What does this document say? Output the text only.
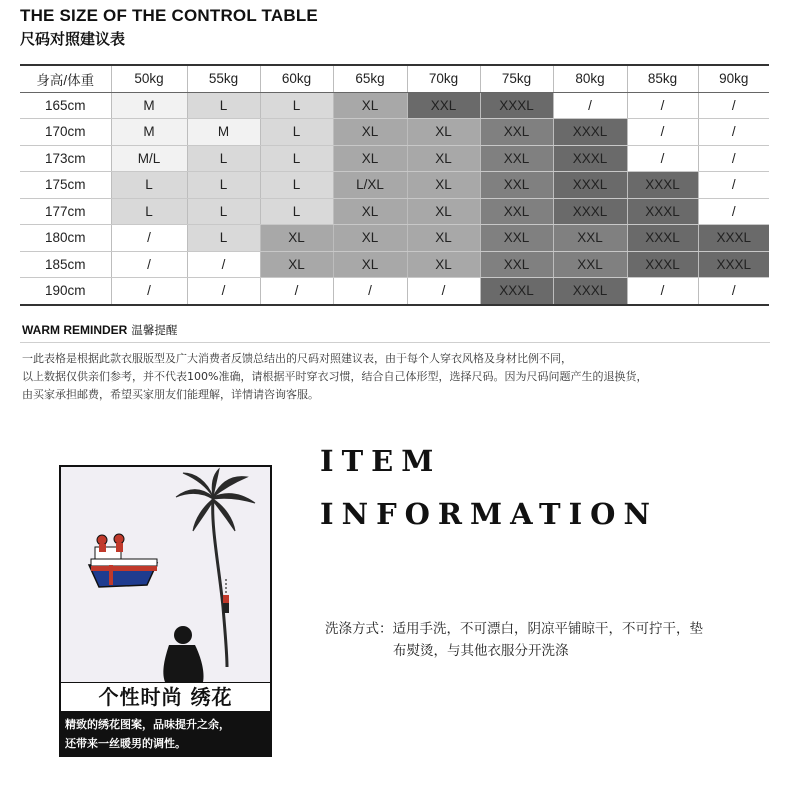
THE SIZE OF THE CONTROL TABLE
尺码对照建议表
身高/体重	50kg	55kg	60kg	65kg	70kg	75kg	80kg	85kg	90kg
165cm	M	L	L	XL	XXL	XXXL	/	/	/
170cm	M	M	L	XL	XL	XXL	XXXL	/	/
173cm	M/L	L	L	XL	XL	XXL	XXXL	/	/
175cm	L	L	L	L/XL	XL	XXL	XXXL	XXXL	/
177cm	L	L	L	XL	XL	XXL	XXXL	XXXL	/
180cm	/	L	XL	XL	XL	XXL	XXL	XXXL	XXXL
185cm	/	/	XL	XL	XL	XXL	XXL	XXXL	XXXL
190cm	/	/	/	/	/	XXXL	XXXL	/	/
WARM REMINDER 温馨提醒
一此表格是根据此款衣服版型及广大消费者反馈总结出的尺码对照建议表，由于每个人穿衣风格及身材比例不同，
以上数据仅供亲们参考，并不代表100%准确，请根据平时穿衣习惯，结合自己体形型，选择尺码。因为尺码问题产生的退换货，
由买家承担邮费，希望买家朋友们能理解，详情请咨询客服。
个性时尚 绣花
精致的绣花图案，品味提升之余，
还带来一丝暖男的调性。
ITEM
INFORMATION
洗涤方式：适用手洗，不可漂白，阴凉平铺晾干，不可拧干，垫
布熨烫，与其他衣服分开洗涤
